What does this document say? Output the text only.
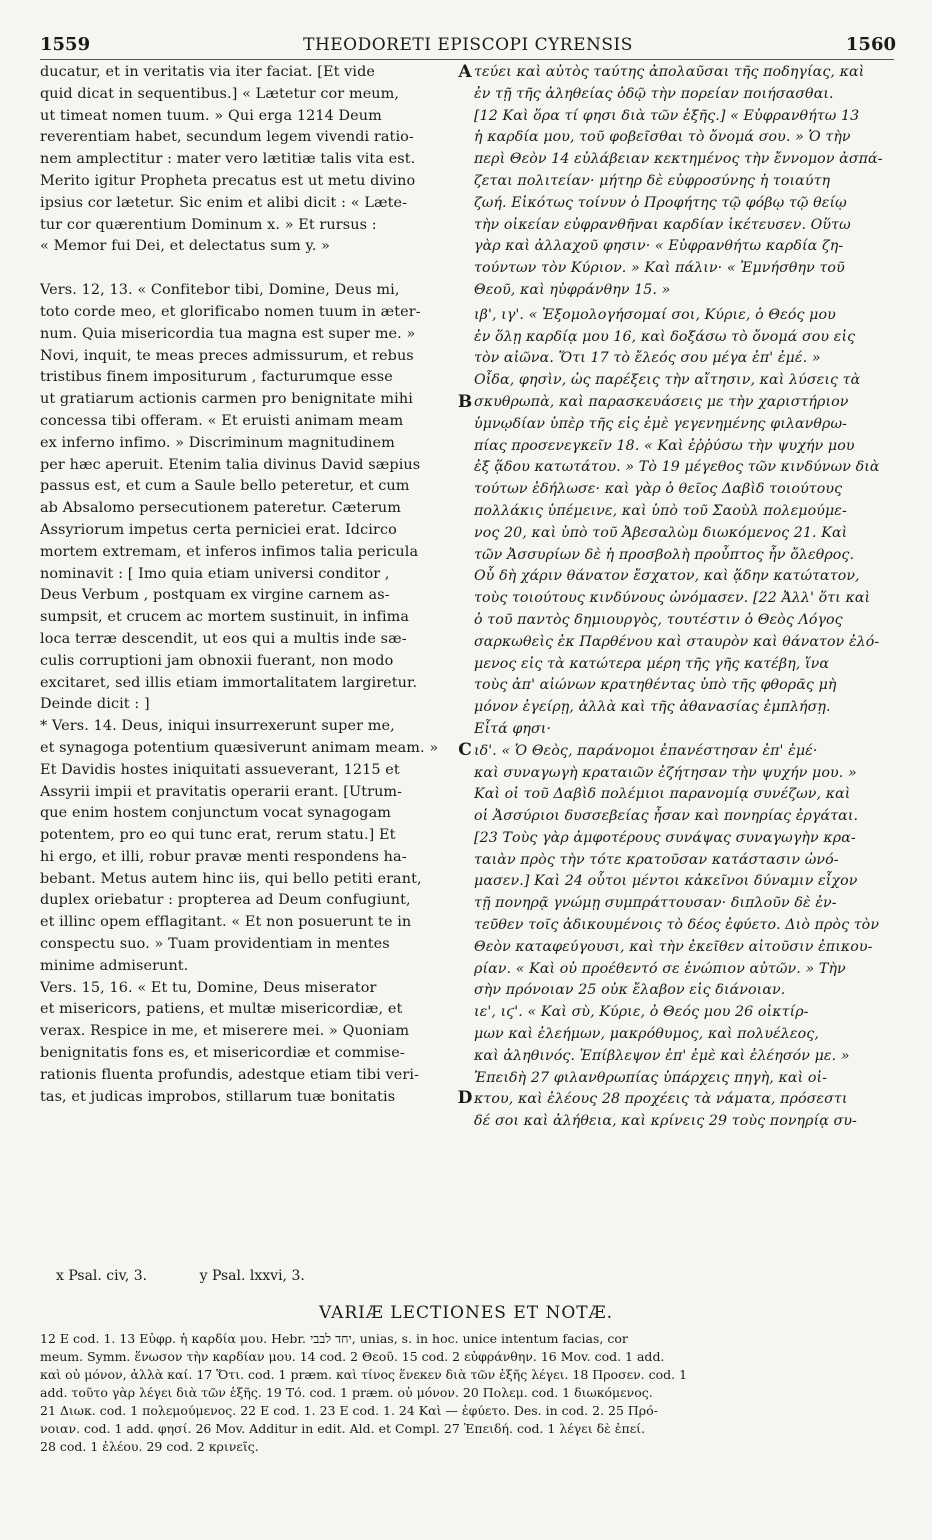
1559	THEODORETI EPISCOPI CYRENSIS	1560
A
B
C
D
ducatur, et in veritatis via iter faciat. [Et vide
quid dicat in sequentibus.] « Lætetur cor meum,
ut timeat nomen tuum. » Qui erga 1214 Deum
reverentiam habet, secundum legem vivendi ratio-
nem amplectitur : mater vero lætitiæ talis vita est.
Merito igitur Propheta precatus est ut metu divino
ipsius cor lætetur. Sic enim et alibi dicit : « Læte-
tur cor quærentium Dominum x. » Et rursus :
« Memor fui Dei, et delectatus sum y. »
Vers. 12, 13. « Confitebor tibi, Domine, Deus mi,
toto corde meo, et glorificabo nomen tuum in æter-
num. Quia misericordia tua magna est super me. »
Novi, inquit, te meas preces admissurum, et rebus
tristibus finem impositurum , facturumque esse
ut gratiarum actionis carmen pro benignitate mihi
concessa tibi offeram. « Et eruisti animam meam
ex inferno infimo. » Discriminum magnitudinem
per hæc aperuit. Etenim talia divinus David sæpius
passus est, et cum a Saule bello peteretur, et cum
ab Absalomo persecutionem pateretur. Cæterum
Assyriorum impetus certa perniciei erat. Idcirco
mortem extremam, et inferos infimos talia pericula
nominavit : [ Imo quia etiam universi conditor ,
Deus Verbum , postquam ex virgine carnem as-
sumpsit, et crucem ac mortem sustinuit, in infima
loca terræ descendit, ut eos qui a multis inde sæ-
culis corruptioni jam obnoxii fuerant, non modo
excitaret, sed illis etiam immortalitatem largiretur.
Deinde dicit : ]
* Vers. 14. Deus, iniqui insurrexerunt super me,
et synagoga potentium quæsiverunt animam meam. »
Et Davidis hostes iniquitati assueverant, 1215 et
Assyrii impii et pravitatis operarii erant. [Utrum-
que enim hostem conjunctum vocat synagogam
potentem, pro eo qui tunc erat, rerum statu.] Et
hi ergo, et illi, robur pravæ menti respondens ha-
bebant. Metus autem hinc iis, qui bello petiti erant,
duplex oriebatur : propterea ad Deum confugiunt,
et illinc opem efflagitant. « Et non posuerunt te in
conspectu suo. » Tuam providentiam in mentes
minime admiserunt.
Vers. 15, 16. « Et tu, Domine, Deus miserator
et misericors, patiens, et multæ misericordiæ, et
verax. Respice in me, et miserere mei. » Quoniam
benignitatis fons es, et misericordiæ et commise-
rationis fluenta profundis, adestque etiam tibi veri-
tas, et judicas improbos, stillarum tuæ bonitatis
τεύει καὶ αὐτὸς ταύτης ἀπολαῦσαι τῆς ποδηγίας, καὶ
ἐν τῇ τῆς ἀληθείας ὁδῷ τὴν πορείαν ποιήσασθαι.
[12 Καὶ ὅρα τί φησι διὰ τῶν ἑξῆς.] « Εὐφρανθήτω 13
ἡ καρδία μου, τοῦ φοβεῖσθαι τὸ ὄνομά σου. » Ὁ τὴν
περὶ Θεὸν 14 εὐλάβειαν κεκτημένος τὴν ἔννομον ἀσπά-
ζεται πολιτείαν· μήτηρ δὲ εὐφροσύνης ἡ τοιαύτη
ζωή. Εἰκότως τοίνυν ὁ Προφήτης τῷ φόβῳ τῷ θείῳ
τὴν οἰκείαν εὐφρανθῆναι καρδίαν ἱκέτευσεν. Οὕτω
γὰρ καὶ ἀλλαχοῦ φησιν· « Εὐφρανθήτω καρδία ζη-
τούντων τὸν Κύριον. » Καὶ πάλιν· « Ἐμνήσθην τοῦ
Θεοῦ, καὶ ηὐφράνθην 15. »
ιβ', ιγ'. « Ἐξομολογήσομαί σοι, Κύριε, ὁ Θεός μου
ἐν ὅλῃ καρδίᾳ μου 16, καὶ δοξάσω τὸ ὄνομά σου εἰς
τὸν αἰῶνα. Ὅτι 17 τὸ ἔλεός σου μέγα ἐπ' ἐμέ. »
Οἶδα, φησὶν, ὡς παρέξεις τὴν αἴτησιν, καὶ λύσεις τὰ
σκυθρωπὰ, καὶ παρασκευάσεις με τὴν χαριστήριον
ὑμνῳδίαν ὑπὲρ τῆς εἰς ἐμὲ γεγενημένης φιλανθρω-
πίας προσενεγκεῖν 18. « Καὶ ἐῤῥύσω τὴν ψυχήν μου
ἐξ ᾅδου κατωτάτου. » Τὸ 19 μέγεθος τῶν κινδύνων διὰ
τούτων ἐδήλωσε· καὶ γὰρ ὁ θεῖος Δαβὶδ τοιούτους
πολλάκις ὑπέμεινε, καὶ ὑπὸ τοῦ Σαοὺλ πολεμούμε-
νος 20, καὶ ὑπὸ τοῦ Ἀβεσαλὼμ διωκόμενος 21. Καὶ
τῶν Ἀσσυρίων δὲ ἡ προσβολὴ προὖπτος ἦν ὄλεθρος.
Οὗ δὴ χάριν θάνατον ἔσχατον, καὶ ᾅδην κατώτατον,
τοὺς τοιούτους κινδύνους ὠνόμασεν. [22 Ἀλλ' ὅτι καὶ
ὁ τοῦ παντὸς δημιουργὸς, τουτέστιν ὁ Θεὸς Λόγος
σαρκωθεὶς ἐκ Παρθένου καὶ σταυρὸν καὶ θάνατον ἐλό-
μενος εἰς τὰ κατώτερα μέρη τῆς γῆς κατέβη, ἵνα
τοὺς ἀπ' αἰώνων κρατηθέντας ὑπὸ τῆς φθορᾶς μὴ
μόνον ἐγείρῃ, ἀλλὰ καὶ τῆς ἀθανασίας ἐμπλήσῃ.
Εἶτά φησι·
ιδ'. « Ὁ Θεὸς, παράνομοι ἐπανέστησαν ἐπ' ἐμέ·
καὶ συναγωγὴ κραταιῶν ἐζήτησαν τὴν ψυχήν μου. »
Καὶ οἱ τοῦ Δαβὶδ πολέμιοι παρανομίᾳ συνέζων, καὶ
οἱ Ἀσσύριοι δυσσεβείας ἦσαν καὶ πονηρίας ἐργάται.
[23 Τοὺς γὰρ ἀμφοτέρους συνάψας συναγωγὴν κρα-
ταιὰν πρὸς τὴν τότε κρατοῦσαν κατάστασιν ὠνό-
μασεν.] Καὶ 24 οὗτοι μέντοι κἀκεῖνοι δύναμιν εἶχον
τῇ πονηρᾷ γνώμῃ συμπράττουσαν· διπλοῦν δὲ ἐν-
τεῦθεν τοῖς ἀδικουμένοις τὸ δέος ἐφύετο. Διὸ πρὸς τὸν
Θεὸν καταφεύγουσι, καὶ τὴν ἐκεῖθεν αἰτοῦσιν ἐπικου-
ρίαν. « Καὶ οὐ προέθεντό σε ἐνώπιον αὐτῶν. » Τὴν
σὴν πρόνοιαν 25 οὐκ ἔλαβον εἰς διάνοιαν.
ιε', ιϛ'. « Καὶ σὺ, Κύριε, ὁ Θεός μου 26 οἰκτίρ-
μων καὶ ἐλεήμων, μακρόθυμος, καὶ πολυέλεος,
καὶ ἀληθινός. Ἐπίβλεψον ἐπ' ἐμὲ καὶ ἐλέησόν με. »
Ἐπειδὴ 27 φιλανθρωπίας ὑπάρχεις πηγὴ, καὶ οἰ-
κτου, καὶ ἐλέους 28 προχέεις τὰ νάματα, πρόσεστι
δέ σοι καὶ ἀλήθεια, καὶ κρίνεις 29 τοὺς πονηρίᾳ συ-
x Psal. civ, 3.	y Psal. lxxvi, 3.
VARIÆ LECTIONES ET NOTÆ.
12 E cod. 1. 13 Εὐφρ. ἡ καρδία μου. Hebr. יחד לבבי, unias, s. in hoc. unice intentum facias, cor
meum. Symm. ἕνωσον τὴν καρδίαν μου. 14 cod. 2 Θεοῦ. 15 cod. 2 εὐφράνθην. 16 Mov. cod. 1 add.
καὶ οὐ μόνον, ἀλλὰ καί. 17 Ὅτι. cod. 1 præm. καὶ τίνος ἕνεκεν διὰ τῶν ἑξῆς λέγει. 18 Προσεν. cod. 1
add. τοῦτο γὰρ λέγει διὰ τῶν ἑξῆς. 19 Τό. cod. 1 præm. οὐ μόνον. 20 Πολεμ. cod. 1 διωκόμενος.
21 Διωκ. cod. 1 πολεμούμενος. 22 E cod. 1. 23 E cod. 1. 24 Καὶ — ἐφύετο. Des. in cod. 2. 25 Πρό-
νοιαν. cod. 1 add. φησί. 26 Mov. Additur in edit. Ald. et Compl. 27 Ἐπειδή. cod. 1 λέγει δὲ ἐπεί.
28 cod. 1 ἐλέου. 29 cod. 2 κρινεῖς.
